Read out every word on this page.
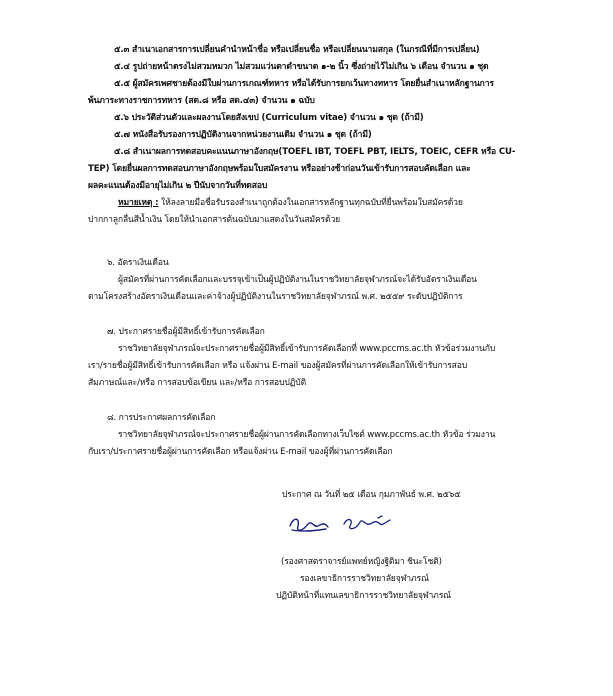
๕.๓ สำเนาเอกสารการเปลี่ยนคำนำหน้าชื่อ หรือเปลี่ยนชื่อ หรือเปลี่ยนนามสกุล (ในกรณีที่มีการเปลี่ยน)
๕.๔ รูปถ่ายหน้าตรงไม่สวมหมวก ไม่สวมแว่นตาดำขนาด ๑-๒ นิ้ว ซึ่งถ่ายไว้ไม่เกิน ๖ เดือน จำนวน ๑ ชุด
๕.๕ ผู้สมัครเพศชายต้องมีใบผ่านการเกณฑ์ทหาร หรือได้รับการยกเว้นทางทหาร โดยยื่นสำเนาหลักฐานการ
พ้นภาระทางราชการทหาร (สด.๘ หรือ สด.๔๓) จำนวน ๑ ฉบับ
๕.๖ ประวัติส่วนตัวและผลงานโดยสังเขป (Curriculum vitae) จำนวน ๑ ชุด (ถ้ามี)
๕.๗ หนังสือรับรองการปฏิบัติงานจากหน่วยงานเดิม จำนวน ๑ ชุด (ถ้ามี)
๕.๘ สำเนาผลการทดสอบคะแนนภาษาอังกฤษ(TOEFL IBT, TOEFL PBT, IELTS, TOEIC, CEFR หรือ CU-
TEP) โดยยื่นผลการทดสอบภาษาอังกฤษพร้อมใบสมัครงาน หรืออย่างช้าก่อนวันเข้ารับการสอบคัดเลือก และ
ผลคะแนนต้องมีอายุไม่เกิน ๒ ปีนับจากวันที่ทดสอบ
หมายเหตุ : ให้ลงลายมือชื่อรับรองสำเนาถูกต้องในเอกสารหลักฐานทุกฉบับที่ยื่นพร้อมใบสมัครด้วย
ปากกาลูกลื่นสีน้ำเงิน โดยให้นำเอกสารต้นฉบับมาแสดงในวันสมัครด้วย
๖. อัตราเงินเดือน
ผู้สมัครที่ผ่านการคัดเลือกและบรรจุเข้าเป็นผู้ปฏิบัติงานในราชวิทยาลัยจุฬาภรณ์จะได้รับอัตราเงินเดือน
ตามโครงสร้างอัตราเงินเดือนและค่าจ้างผู้ปฏิบัติงานในราชวิทยาลัยจุฬาภรณ์ พ.ศ. ๒๕๕๙ ระดับปฏิบัติการ
๗. ประกาศรายชื่อผู้มีสิทธิ์เข้ารับการคัดเลือก
ราชวิทยาลัยจุฬาภรณ์จะประกาศรายชื่อผู้มีสิทธิ์เข้ารับการคัดเลือกที่ www.pccms.ac.th หัวข้อร่วมงานกับ
เรา/รายชื่อผู้มีสิทธิ์เข้ารับการคัดเลือก หรือ แจ้งผ่าน E-mail ของผู้สมัครที่ผ่านการคัดเลือกให้เข้ารับการสอบ
สัมภาษณ์และ/หรือ การสอบข้อเขียน และ/หรือ การสอบปฏิบัติ
๘. การประกาศผลการคัดเลือก
ราชวิทยาลัยจุฬาภรณ์จะประกาศรายชื่อผู้ผ่านการคัดเลือกทางเว็บไซต์ www.pccms.ac.th หัวข้อ ร่วมงาน
กับเรา/ประกาศรายชื่อผู้ผ่านการคัดเลือก หรือแจ้งผ่าน E-mail ของผู้ที่ผ่านการคัดเลือก
ประกาศ ณ วันที่ ๒๕ เดือน กุมภาพันธ์ พ.ศ. ๒๕๖๕
(รองศาสตราจารย์แพทย์หญิงฐิติมา ชินะโชติ)
รองเลขาธิการราชวิทยาลัยจุฬาภรณ์
ปฏิบัติหน้าที่แทนเลขาธิการราชวิทยาลัยจุฬาภรณ์
